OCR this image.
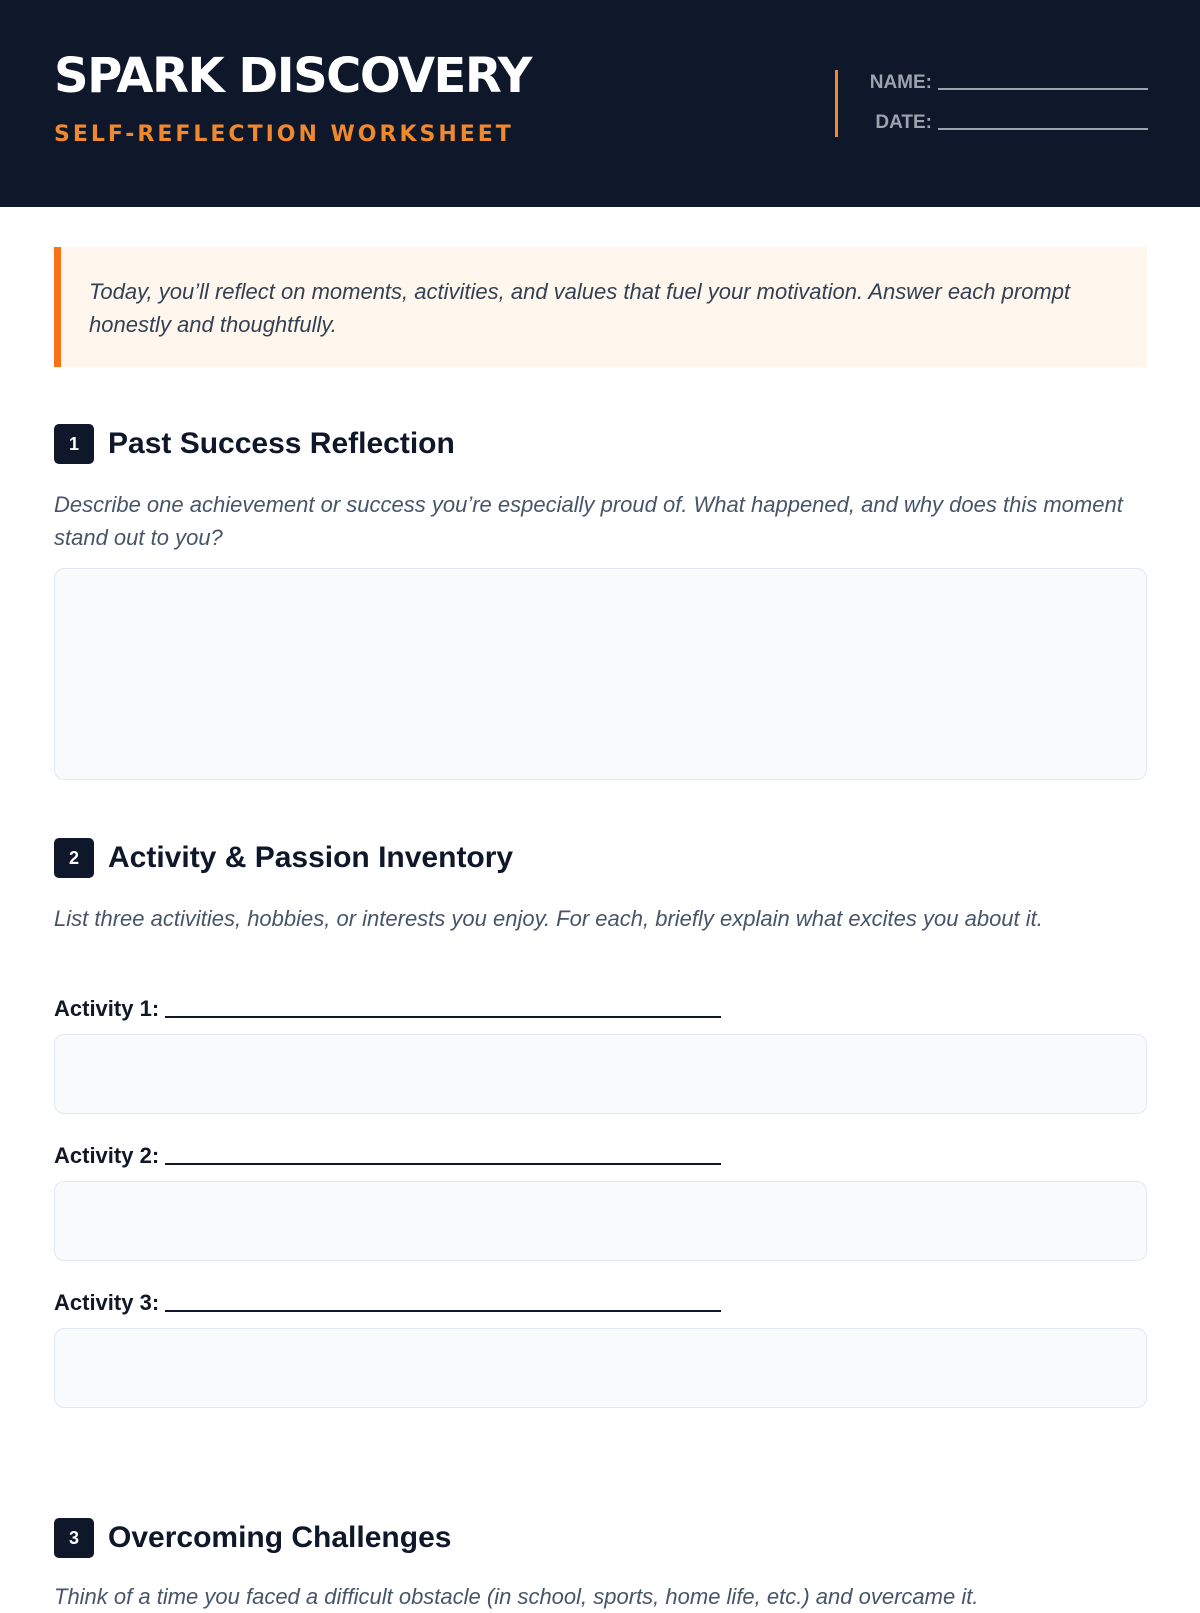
SPARK DISCOVERY
SELF-REFLECTION WORKSHEET
NAME:
DATE:
Today, you’ll reflect on moments, activities, and values that fuel your motivation. Answer each prompt honestly and thoughtfully.
1 Past Success Reflection
Describe one achievement or success you’re especially proud of. What happened, and why does this moment stand out to you?
2 Activity & Passion Inventory
List three activities, hobbies, or interests you enjoy. For each, briefly explain what excites you about it.
Activity 1:
Activity 2:
Activity 3:
3 Overcoming Challenges
Think of a time you faced a difficult obstacle (in school, sports, home life, etc.) and overcame it.
